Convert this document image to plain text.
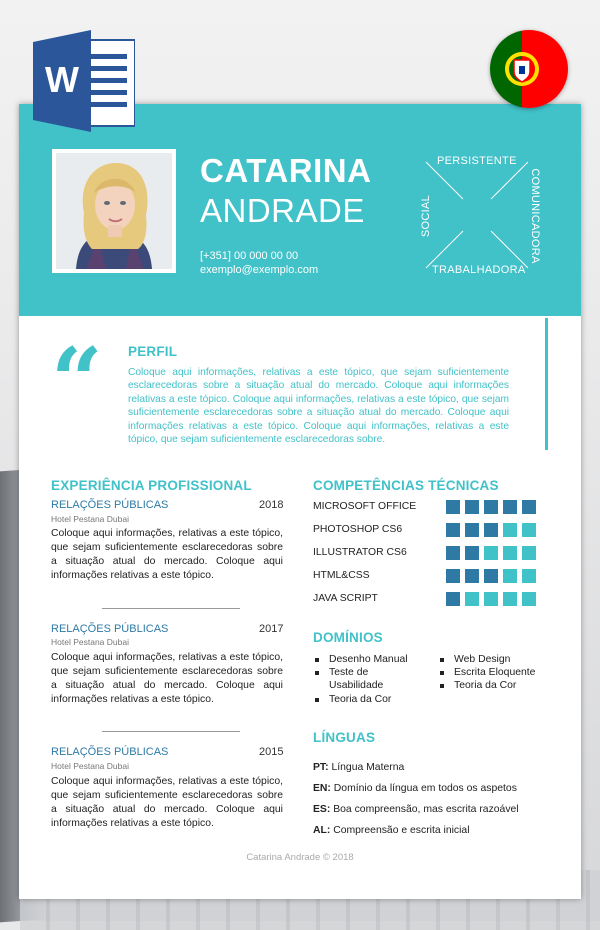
CATARINA
ANDRADE
[+351] 00 000 00 00
exemplo@exemplo.com
PERSISTENTE
COMUNICADORA
TRABALHADORA
SOCIAL
W
“ PERFIL
Coloque aqui informações, relativas a este tópico, que sejam suficientemente esclarecedoras sobre a situação atual do mercado. Coloque aqui informações relativas a este tópico. Coloque aqui informações, relativas a este tópico, que sejam suficientemente esclarecedoras sobre a situação atual do mercado. Coloque aqui informações relativas a este tópico. Coloque aqui informações, relativas a este tópico, que sejam suficientemente esclarecedoras sobre.
EXPERIÊNCIA PROFISSIONAL
RELAÇÕES PÚBLICAS	2018
Hotel Pestana Dubai
Coloque aqui informações, relativas a este tópico, que sejam suficientemente esclarecedoras sobre a situação atual do mercado. Coloque aqui informações relativas a este tópico.
RELAÇÕES PÚBLICAS	2017
Hotel Pestana Dubai
Coloque aqui informações, relativas a este tópico, que sejam suficientemente esclarecedoras sobre a situação atual do mercado. Coloque aqui informações relativas a este tópico.
RELAÇÕES PÚBLICAS	2015
Hotel Pestana Dubai
Coloque aqui informações, relativas a este tópico, que sejam suficientemente esclarecedoras sobre a situação atual do mercado. Coloque aqui informações relativas a este tópico.
COMPETÊNCIAS TÉCNICAS
MICROSOFT OFFICE
PHOTOSHOP CS6
ILLUSTRATOR CS6
HTML&CSS
JAVA SCRIPT
DOMÍNIOS
Desenho Manual
Teste de Usabilidade
Teoria da Cor
Web Design
Escrita Eloquente
Teoria da Cor
LÍNGUAS
PT: Língua Materna
EN: Domínio da língua em todos os aspetos
ES: Boa compreensão, mas escrita razoável
AL: Compreensão e escrita inicial
Catarina Andrade © 2018
